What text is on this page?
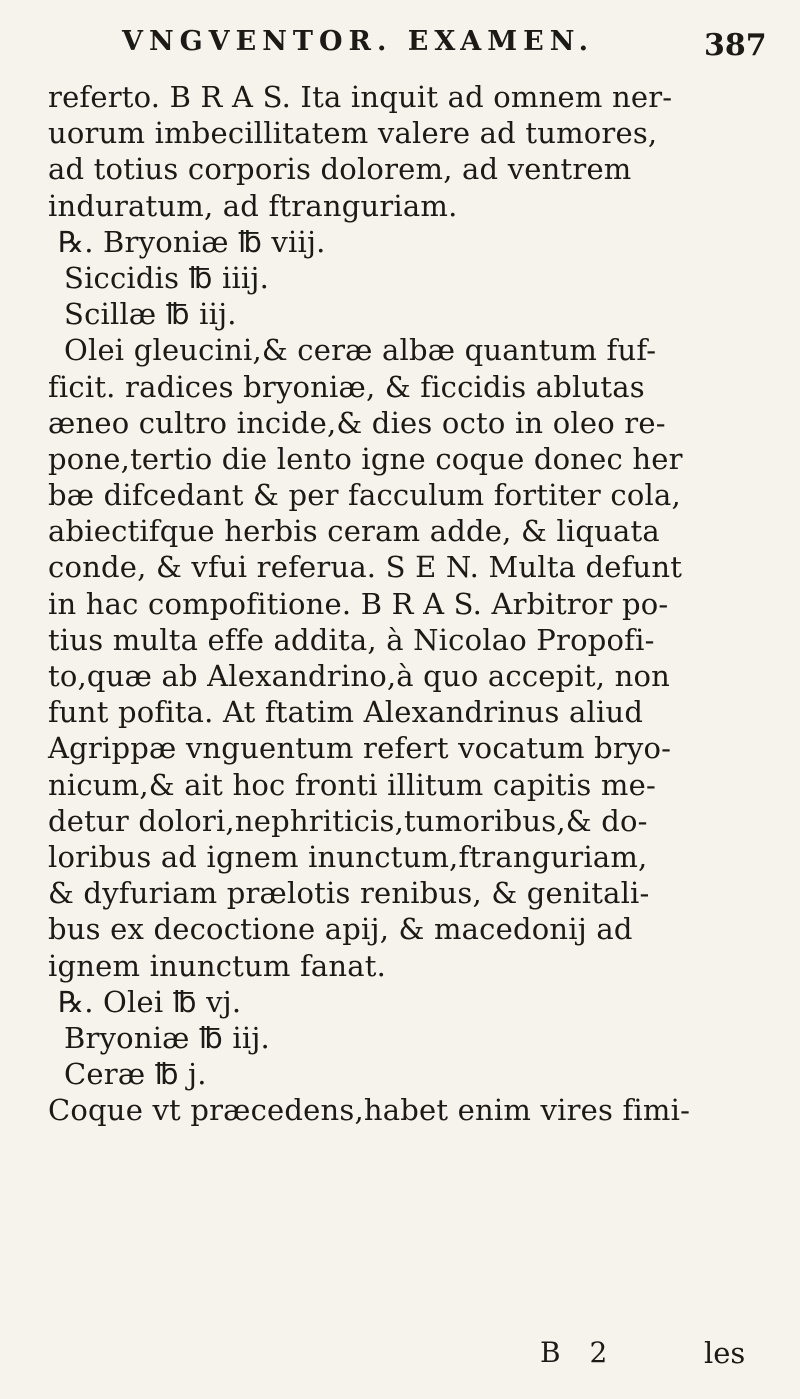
VNGVENTOR. EXAMEN.	387
referto. B R A S. Ita inquit ad omnem ner-
uorum imbecillitatem valere ad tumores,
ad totius corporis dolorem, ad ventrem
induratum, ad ftranguriam.
℞. Bryoniæ ℔ viij.
Siccidis ℔ iiij.
Scillæ ℔ iij.
Olei gleucini,& ceræ albæ quantum fuf-
ficit. radices bryoniæ, & ficcidis ablutas
æneo cultro incide,& dies octo in oleo re-
pone,tertio die lento igne coque donec her
bæ difcedant & per facculum fortiter cola,
abiectifque herbis ceram adde, & liquata
conde, & vfui referua. S E N. Multa defunt
in hac compofitione. B R A S. Arbitror po-
tius multa effe addita, à Nicolao Propofi-
to,quæ ab Alexandrino,à quo accepit, non
funt pofita. At ftatim Alexandrinus aliud
Agrippæ vnguentum refert vocatum bryo-
nicum,& ait hoc fronti illitum capitis me-
detur dolori,nephriticis,tumoribus,& do-
loribus ad ignem inunctum,ftranguriam,
& dyfuriam prælotis renibus, & genitali-
bus ex decoctione apij, & macedonij ad
ignem inunctum fanat.
℞. Olei ℔ vj.
Bryoniæ ℔ iij.
Ceræ ℔ j.
Coque vt præcedens,habet enim vires fimi-
B 2	les
